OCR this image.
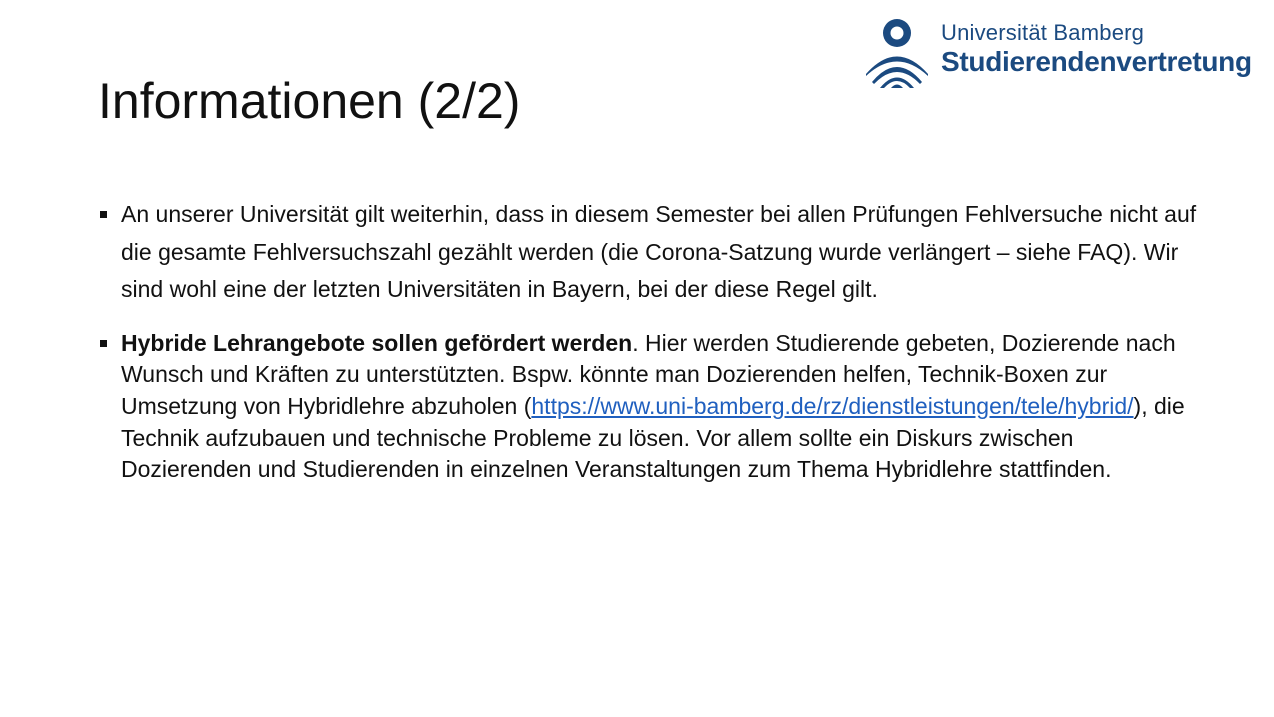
Universität Bamberg
Studierendenvertretung
Informationen (2/2)
An unserer Universität gilt weiterhin, dass in diesem Semester bei allen Prüfungen Fehlversuche nicht auf die gesamte Fehlversuchszahl gezählt werden (die Corona-Satzung wurde verlängert – siehe FAQ). Wir sind wohl eine der letzten Universitäten in Bayern, bei der diese Regel gilt.
Hybride Lehrangebote sollen gefördert werden. Hier werden Studierende gebeten, Dozierende nach Wunsch und Kräften zu unterstützten. Bspw. könnte man Dozierenden helfen, Technik-Boxen zur Umsetzung von Hybridlehre abzuholen (https://www.uni-bamberg.de/rz/dienstleistungen/tele/hybrid/), die Technik aufzubauen und technische Probleme zu lösen. Vor allem sollte ein Diskurs zwischen Dozierenden und Studierenden in einzelnen Veranstaltungen zum Thema Hybridlehre stattfinden.
